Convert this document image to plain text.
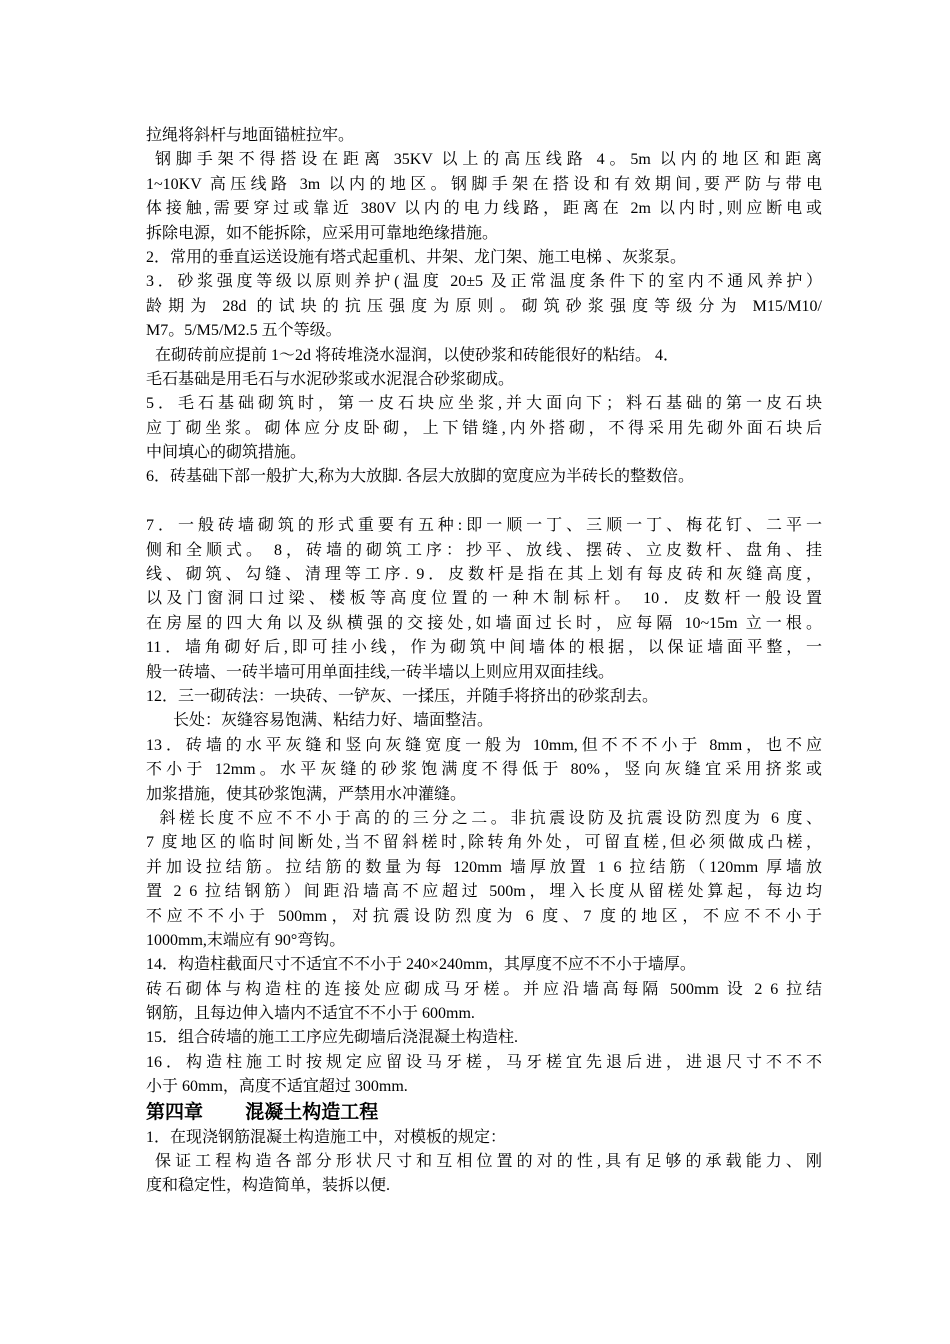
拉绳将斜杆与地面锚桩拉牢。
钢脚手架不得搭设在距离 35KV 以上的高压线路 4。5m 以内的地区和距离
1~10KV 高压线路 3m 以内的地区。钢脚手架在搭设和有效期间,要严防与带电
体接触,需要穿过或靠近 380V 以内的电力线路，距离在 2m 以内时,则应断电或
拆除电源，如不能拆除，应采用可靠地绝缘措施。
2．常用的垂直运送设施有塔式起重机、井架、龙门架、施工电梯 、灰浆泵。
3．砂浆强度等级以原则养护(温度 20±5 及正常温度条件下的室内不通风养护）
龄期为 28d 的试块的抗压强度为原则。砌筑砂浆强度等级分为 M15/M10/
M7。5/M5/M2.5 五个等级。
在砌砖前应提前 1～2d 将砖堆浇水湿润，以使砂浆和砖能很好的粘结。 4．
毛石基础是用毛石与水泥砂浆或水泥混合砂浆砌成。
5．毛石基础砌筑时，第一皮石块应坐浆,并大面向下；料石基础的第一皮石块
应丁砌坐浆。砌体应分皮卧砌，上下错缝,内外搭砌，不得采用先砌外面石块后
中间填心的砌筑措施。
6．砖基础下部一般扩大,称为大放脚. 各层大放脚的宽度应为半砖长的整数倍。
7．一般砖墙砌筑的形式重要有五种:即一顺一丁、三顺一丁、梅花钉、二平一
侧和全顺式。 8，砖墙的砌筑工序：抄平、放线、摆砖、立皮数杆、盘角、挂
线、砌筑、勾缝、清理等工序. 9．皮数杆是指在其上划有每皮砖和灰缝高度，
以及门窗洞口过梁、楼板等高度位置的一种木制标杆。 10．皮数杆一般设置
在房屋的四大角以及纵横强的交接处,如墙面过长时，应每隔 10~15m 立一根。
11．墙角砌好后,即可挂小线，作为砌筑中间墙体的根据，以保证墙面平整，一
般一砖墙、一砖半墙可用单面挂线,一砖半墙以上则应用双面挂线。
12．三一砌砖法：一块砖、一铲灰、一揉压，并随手将挤出的砂浆刮去。
长处：灰缝容易饱满、粘结力好、墙面整洁。
13．砖墙的水平灰缝和竖向灰缝宽度一般为 10mm,但不不不小于 8mm，也不应
不小于 12mm。水平灰缝的砂浆饱满度不得低于 80%，竖向灰缝宜采用挤浆或
加浆措施，使其砂浆饱满，严禁用水冲灌缝。
斜槎长度不应不不小于高的的三分之二。非抗震设防及抗震设防烈度为 6 度、
7 度地区的临时间断处,当不留斜槎时,除转角外处，可留直槎,但必须做成凸槎，
并加设拉结筋。拉结筋的数量为每 120mm 墙厚放置 1 6 拉结筋（120mm 厚墙放
置 2 6 拉结钢筋）间距沿墙高不应超过 500m，埋入长度从留槎处算起，每边均
不应不不小于 500mm，对抗震设防烈度为 6 度、7 度的地区，不应不不小于
1000mm,末端应有 90°弯钩。
14．构造柱截面尺寸不适宜不不小于 240×240mm，其厚度不应不不小于墙厚。
砖石砌体与构造柱的连接处应砌成马牙槎。并应沿墙高每隔 500mm 设 2 6 拉结
钢筋，且每边伸入墙内不适宜不不小于 600mm.
15．组合砖墙的施工工序应先砌墙后浇混凝土构造柱.
16．构造柱施工时按规定应留设马牙槎，马牙槎宜先退后进，进退尺寸不不不
小于 60mm，高度不适宜超过 300mm.
第四章        混凝土构造工程
1．在现浇钢筋混凝土构造施工中，对模板的规定：
保证工程构造各部分形状尺寸和互相位置的对的性,具有足够的承载能力、刚
度和稳定性，构造简单，装拆以便.
